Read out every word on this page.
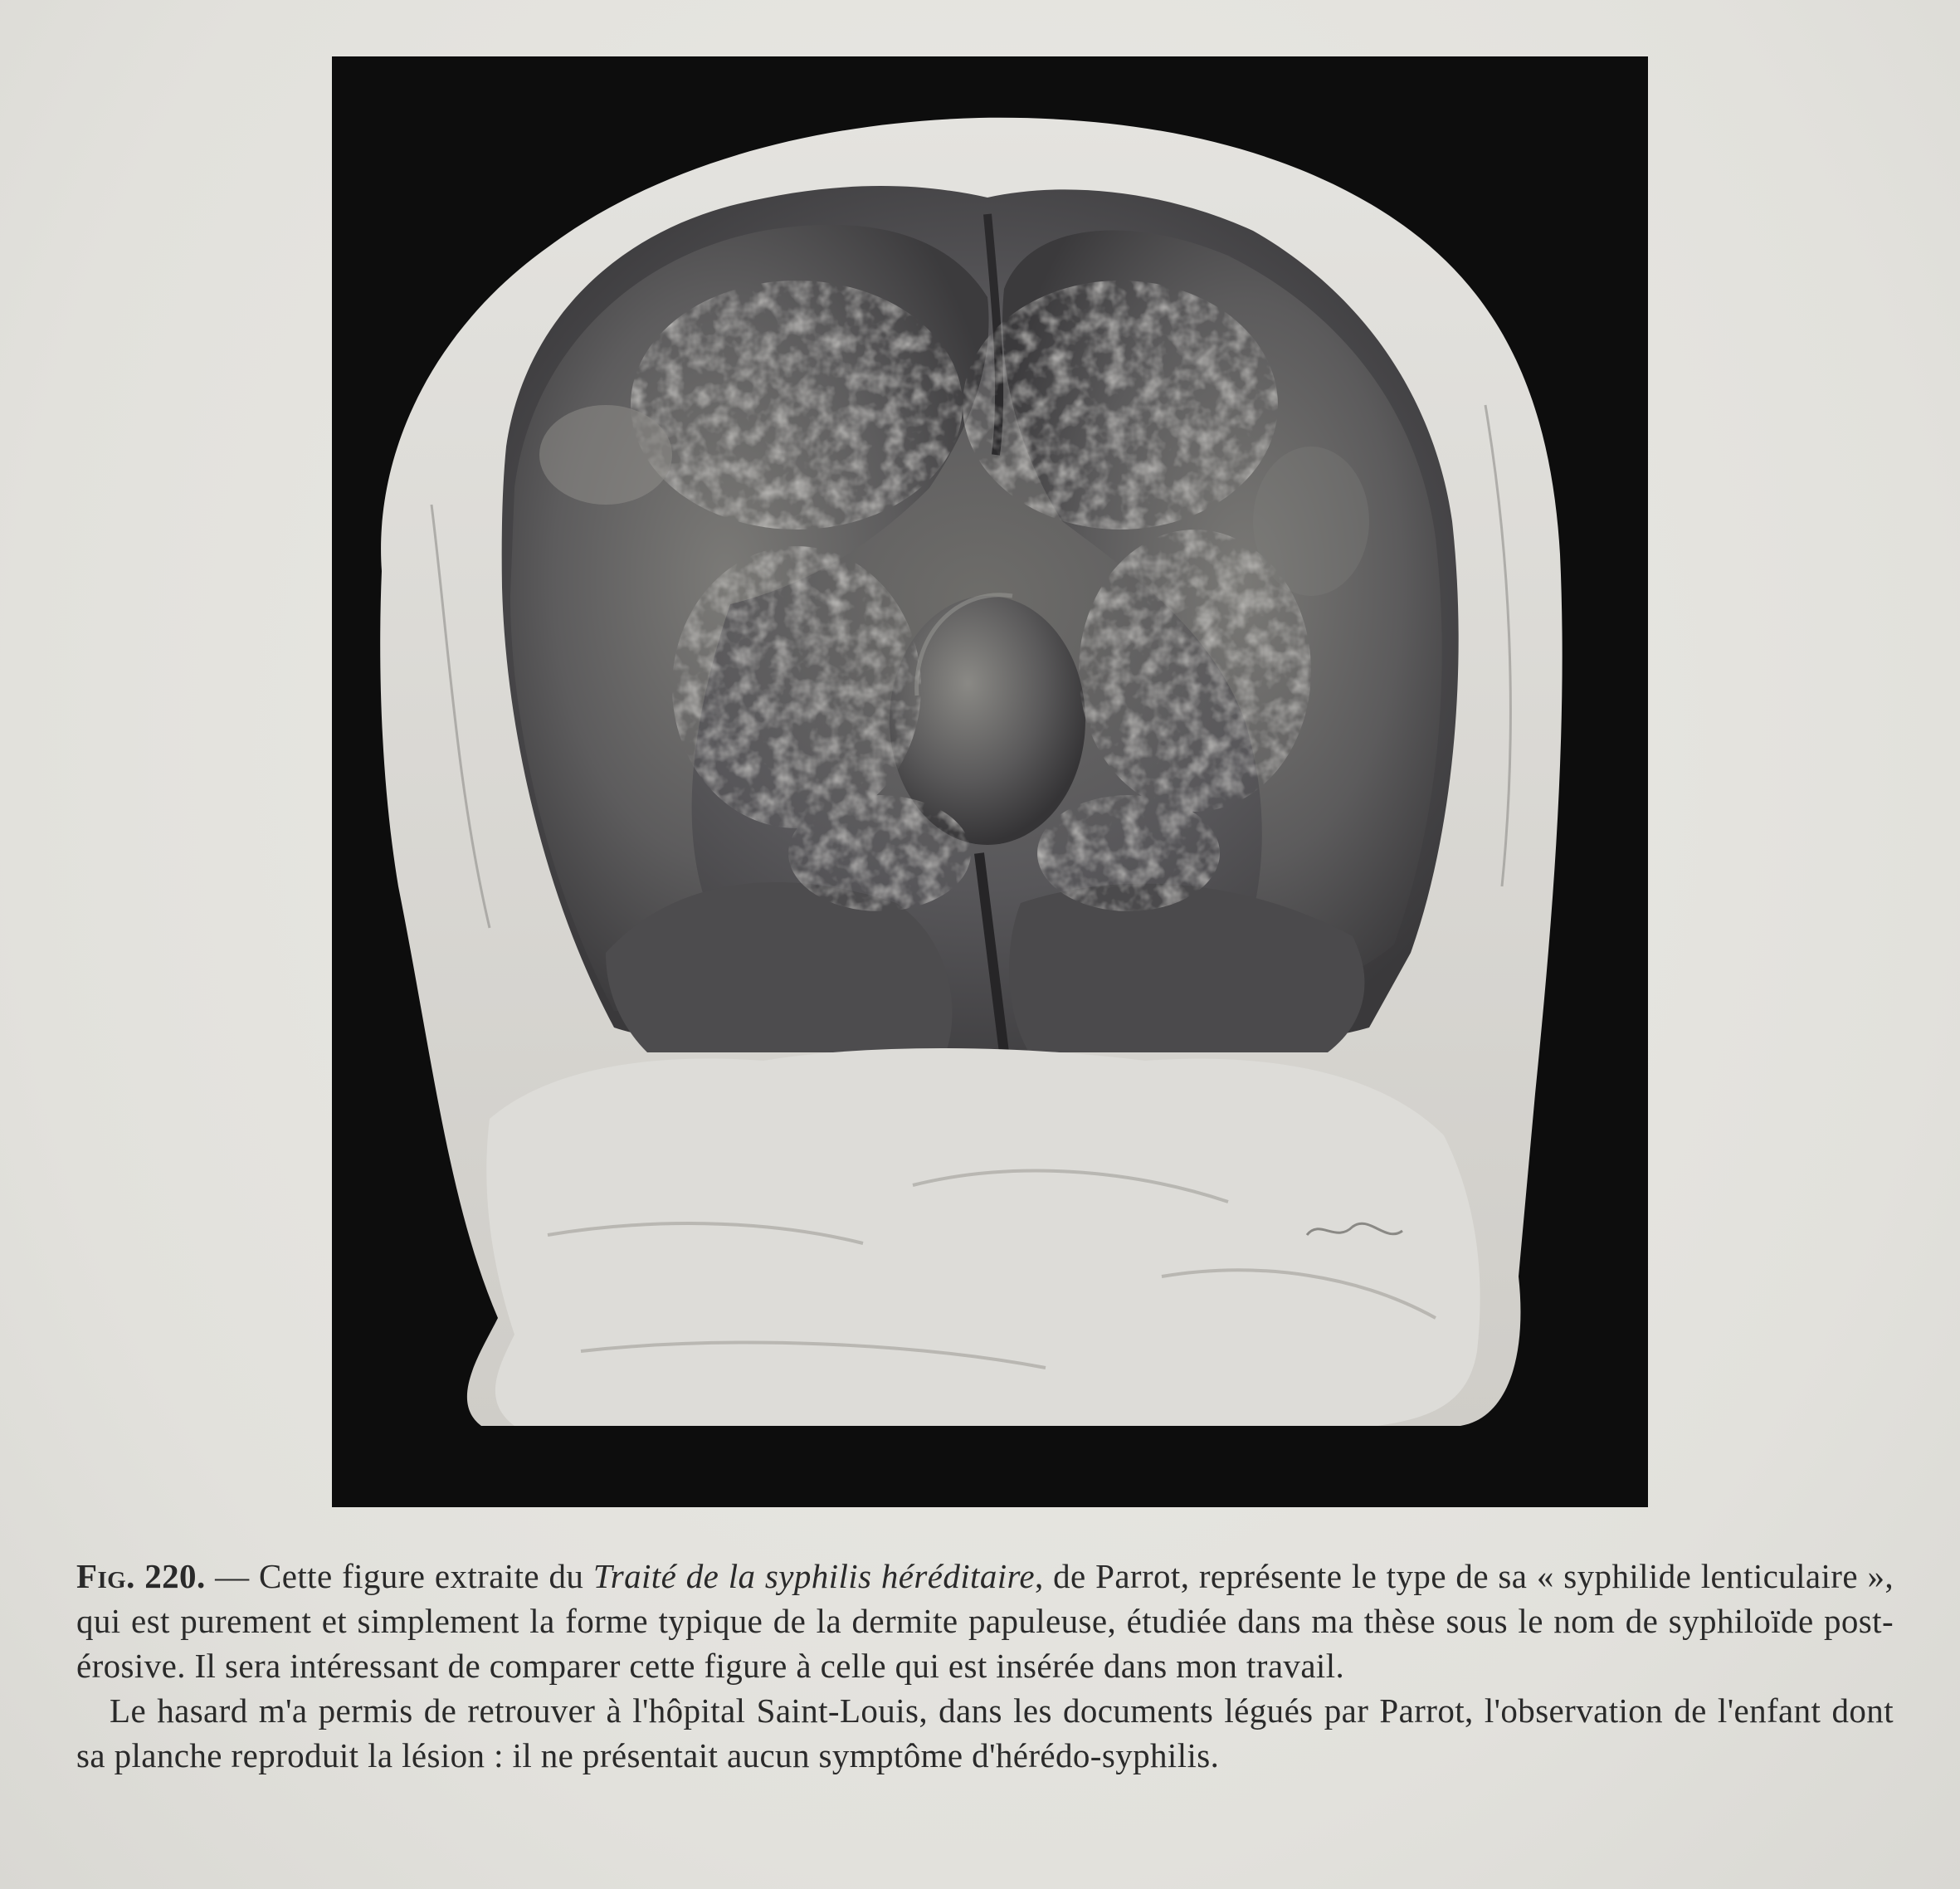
Fig. 220. — Cette figure extraite du Traité de la syphilis héréditaire, de Parrot, représente le type de sa « syphilide lenticulaire », qui est purement et simplement la forme typique de la dermite papuleuse, étudiée dans ma thèse sous le nom de syphiloïde post-érosive. Il sera intéressant de comparer cette figure à celle qui est insérée dans mon travail.

Le hasard m'a permis de retrouver à l'hôpital Saint-Louis, dans les documents légués par Parrot, l'observation de l'enfant dont sa planche reproduit la lésion : il ne présentait aucun symptôme d'hérédo-syphilis.
